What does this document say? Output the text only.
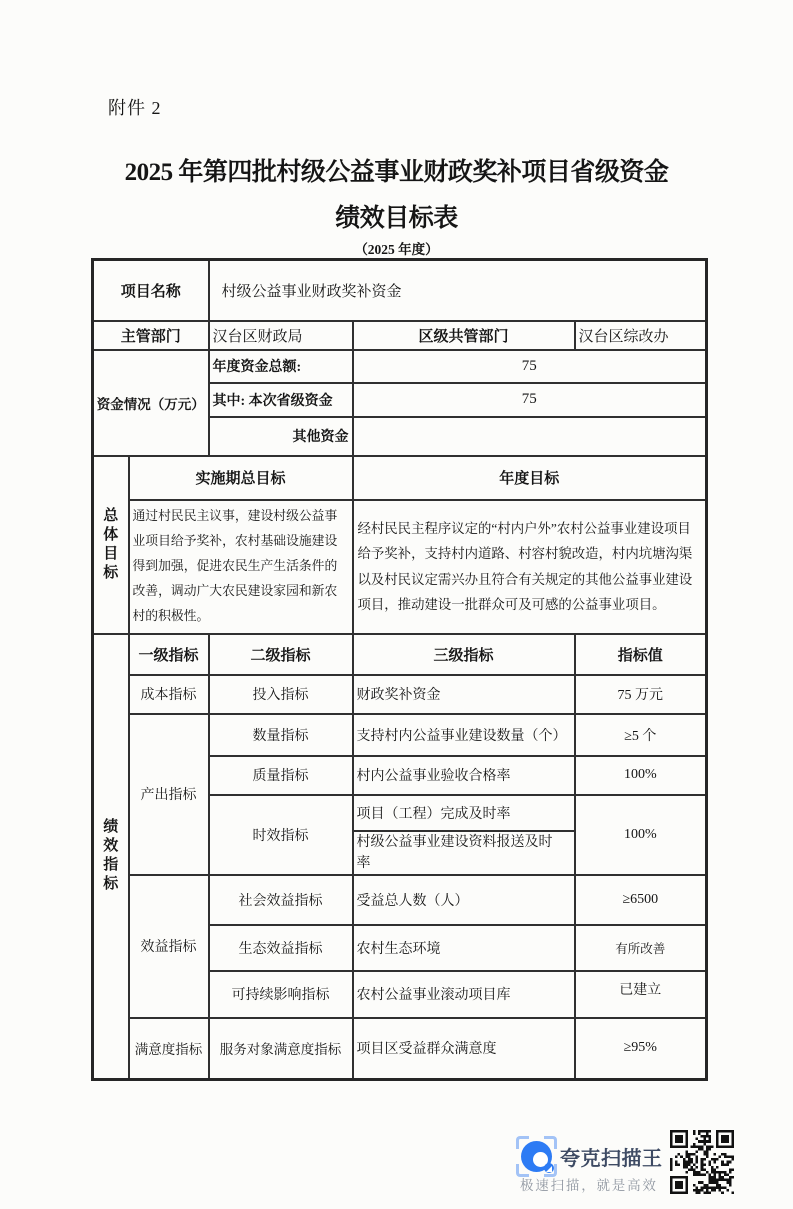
附件 2
2025 年第四批村级公益事业财政奖补项目省级资金
绩效目标表
（2025 年度）
项目名称		村级公益事业财政奖补资金		
主管部门		汉台区财政局	区级共管部门	汉台区综改办
资金情况（万元）		年度资金总额:	75	
		其中: 本次省级资金	75	
		其他资金		
总体目标	实施期总目标		年度目标	
	通过村民民主议事，建设村级公益事业项目给予奖补，农村基础设施建设得到加强，促进农民生产生活条件的改善，调动广大农民建设家园和新农村的积极性。		经村民民主程序议定的“村内户外”农村公益事业建设项目给予奖补，支持村内道路、村容村貌改造，村内坑塘沟渠以及村民议定需兴办且符合有关规定的其他公益事业建设项目，推动建设一批群众可及可感的公益事业项目。	
绩效指标	一级指标	二级指标	三级指标	指标值
	成本指标	投入指标	财政奖补资金	75 万元
	产出指标	数量指标	支持村内公益事业建设数量（个）	≥5 个
		质量指标	村内公益事业验收合格率	100%
		时效指标	项目（工程）完成及时率	100%

			村级公益事业建设资料报送及时率	

	效益指标	社会效益指标	受益总人数（人）	≥6500
		生态效益指标	农村生态环境	有所改善
		可持续影响指标	农村公益事业滚动项目库	已建立
	满意度指标	服务对象满意度指标	项目区受益群众满意度	≥95%
夸克扫描王
极速扫描，就是高效
